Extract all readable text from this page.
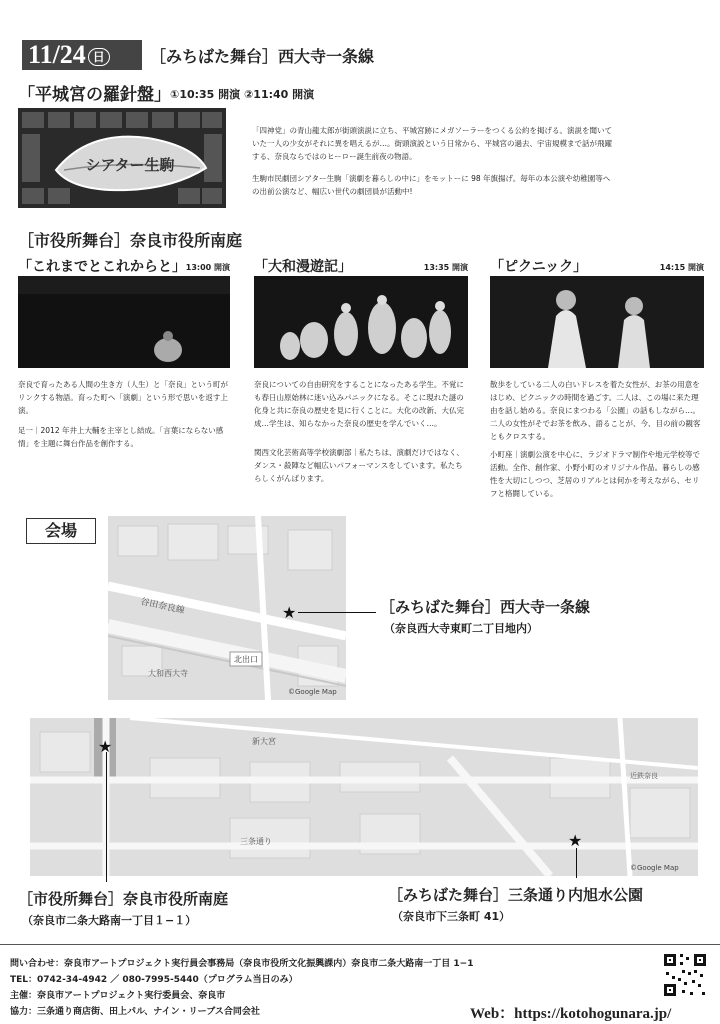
11/24 日	［みちばた舞台］西大寺一条線
「平城宮の羅針盤」 ①10:35 開演 ②11:40 開演
シアター生駒
「四神党」の青山龍太郎が街頭演説に立ち、平城宮跡にメガソーラーをつくる公約を掲げる。演説を聞いていた一人の少女がそれに異を唱えるが…。街頭演説という日常から、平城宮の過去、宇宙規模まで話が飛躍する、奈良ならではのヒーロー誕生前夜の物語。
生駒市民劇団シアター生駒「演劇を暮らしの中に」をモットーに 98 年旗揚げ。毎年の本公演や幼稚園等への出前公演など、幅広い世代の劇団員が活動中!
［市役所舞台］奈良市役所南庭
「これまでとこれからと」 13:00 開演
奈良で育ったある人間の生き方（人生）と「奈良」という町がリンクする物語。育った町へ「演劇」という形で思いを返す上演。
足一｜2012 年井上大輔を主宰とし結成。「言葉にならない感情」を主題に舞台作品を創作する。
「大和漫遊記」	13:35 開演
奈良についての自由研究をすることになったある学生。不覚にも春日山原始林に迷い込みパニックになる。そこに現れた謎の化身と共に奈良の歴史を見に行くことに。大化の改新、大仏完成…学生は、知らなかった奈良の歴史を学んでいく…。
関西文化芸術高等学校演劇部｜私たちは、演劇だけではなく、ダンス・殺陣など幅広いパフォーマンスをしています。私たちらしくがんばります。
「ピクニック」	14:15 開演
散歩をしている二人の白いドレスを着た女性が、お茶の用意をはじめ、ピクニックの時間を過ごす。二人は、この場に来た理由を話し始める。奈良にまつわる「公園」の話もしながら…。二人の女性がそでお茶を飲み、語ることが、今、目の前の観客ともクロスする。
小町座｜演劇公演を中心に、ラジオドラマ制作や地元学校等で活動。全作、創作家、小野小町のオリジナル作品。暮らしの感性を大切にしつつ、芝居のリアルとは何かを考えながら、セリフと格闘している。
会場
谷田奈良線
大和西大寺
北出口
©Google Map
★	［みちばた舞台］西大寺一条線
（奈良西大寺東町二丁目地内）
新大宮
三条通り
近鉄奈良
©Google Map
★
★
［市役所舞台］奈良市役所南庭
（奈良市二条大路南一丁目１−１）
［みちばた舞台］三条通り内旭水公園
（奈良市下三条町 41）
問い合わせ：奈良市アートプロジェクト実行員会事務局（奈良市役所文化振興課内）奈良市二条大路南一丁目 1−1
TEL：0742-34-4942 ／ 080-7995-5440（プログラム当日のみ）
主催：奈良市アートプロジェクト実行委員会、奈良市
協力：三条通り商店街、田上パル、ナイン・リーブス合同会社	Web：https://kotohogunara.jp/
